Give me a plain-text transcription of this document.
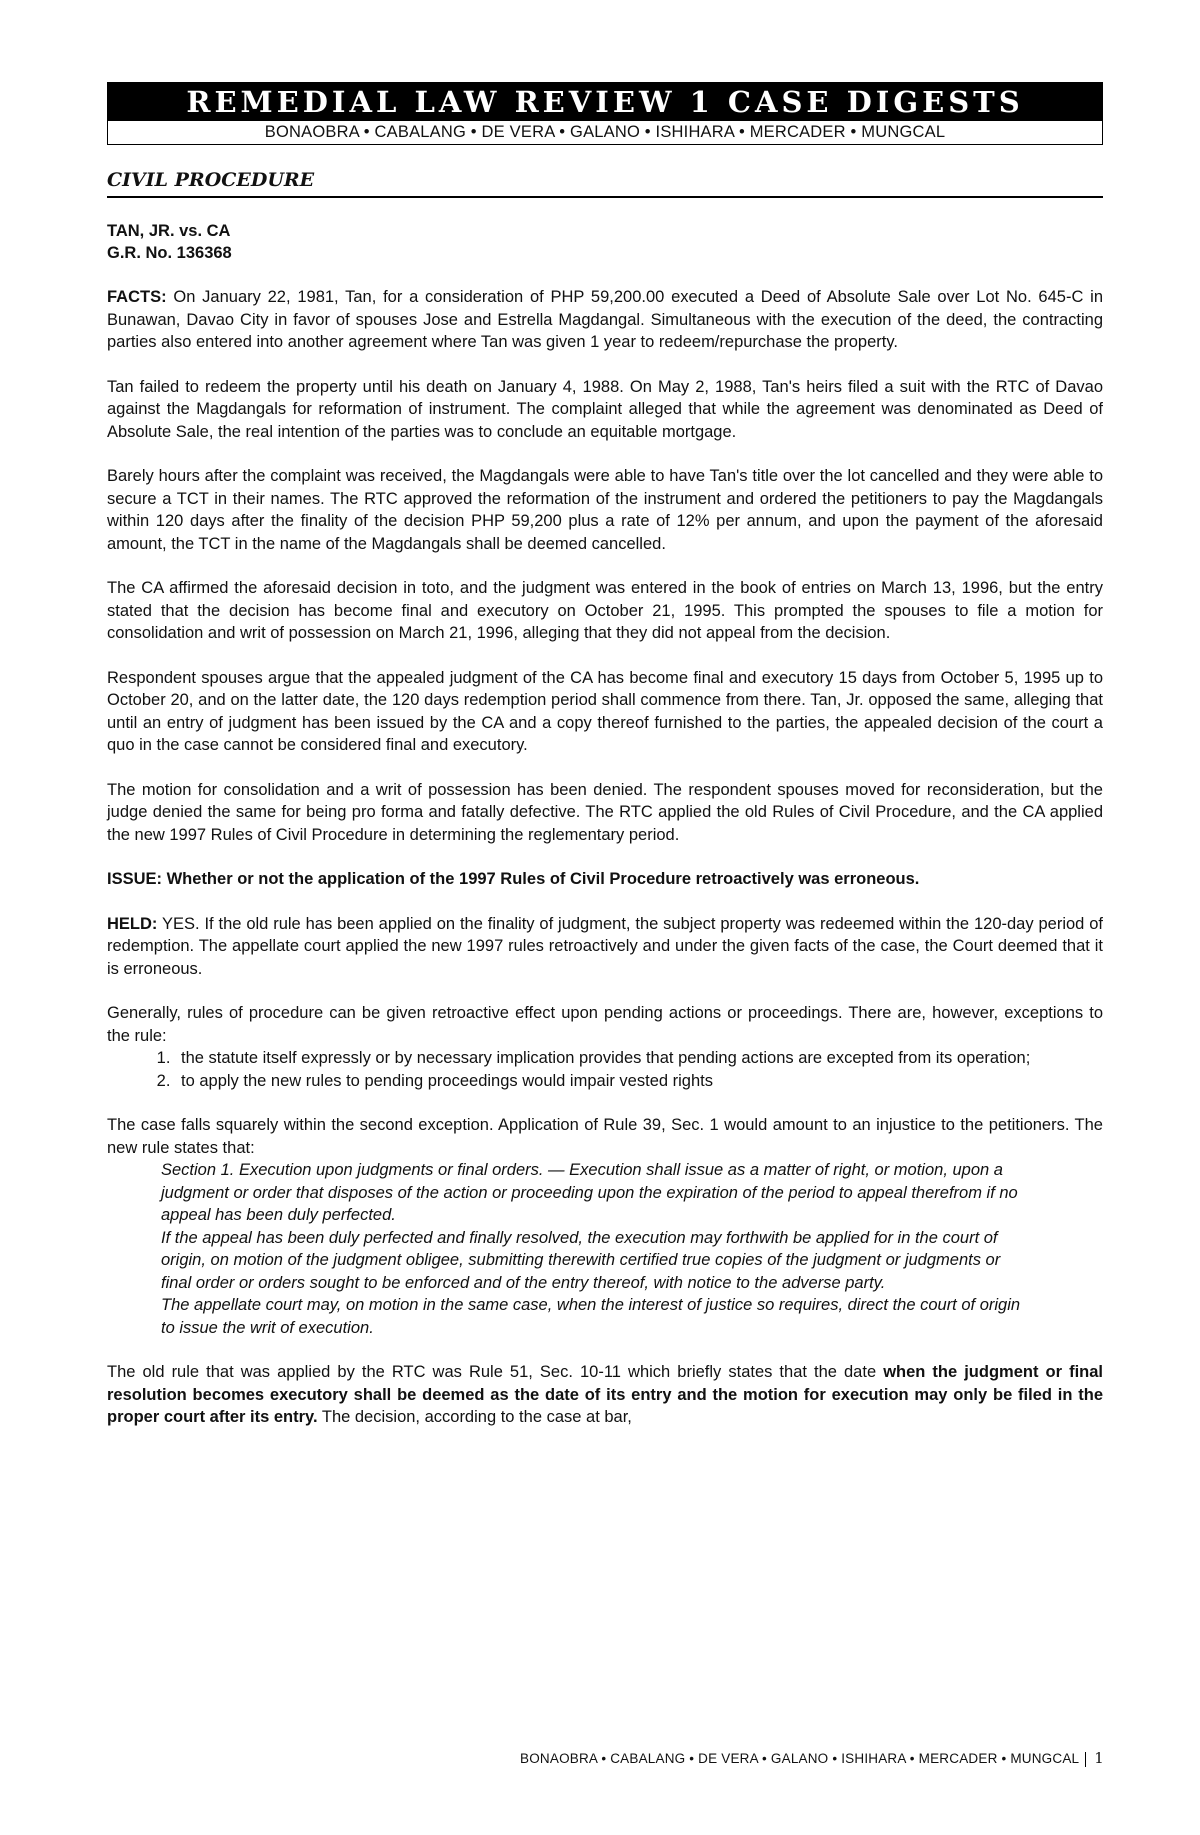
REMEDIAL LAW REVIEW 1 CASE DIGESTS
BONAOBRA • CABALANG • DE VERA • GALANO • ISHIHARA • MERCADER • MUNGCAL
CIVIL PROCEDURE
TAN, JR. vs. CA
G.R. No. 136368

FACTS: On January 22, 1981, Tan, for a consideration of PHP 59,200.00 executed a Deed of Absolute Sale over Lot No. 645-C in Bunawan, Davao City in favor of spouses Jose and Estrella Magdangal. Simultaneous with the execution of the deed, the contracting parties also entered into another agreement where Tan was given 1 year to redeem/repurchase the property.

Tan failed to redeem the property until his death on January 4, 1988. On May 2, 1988, Tan's heirs filed a suit with the RTC of Davao against the Magdangals for reformation of instrument. The complaint alleged that while the agreement was denominated as Deed of Absolute Sale, the real intention of the parties was to conclude an equitable mortgage.

Barely hours after the complaint was received, the Magdangals were able to have Tan's title over the lot cancelled and they were able to secure a TCT in their names. The RTC approved the reformation of the instrument and ordered the petitioners to pay the Magdangals within 120 days after the finality of the decision PHP 59,200 plus a rate of 12% per annum, and upon the payment of the aforesaid amount, the TCT in the name of the Magdangals shall be deemed cancelled.

The CA affirmed the aforesaid decision in toto, and the judgment was entered in the book of entries on March 13, 1996, but the entry stated that the decision has become final and executory on October 21, 1995. This prompted the spouses to file a motion for consolidation and writ of possession on March 21, 1996, alleging that they did not appeal from the decision.

Respondent spouses argue that the appealed judgment of the CA has become final and executory 15 days from October 5, 1995 up to October 20, and on the latter date, the 120 days redemption period shall commence from there. Tan, Jr. opposed the same, alleging that until an entry of judgment has been issued by the CA and a copy thereof furnished to the parties, the appealed decision of the court a quo in the case cannot be considered final and executory.

The motion for consolidation and a writ of possession has been denied. The respondent spouses moved for reconsideration, but the judge denied the same for being pro forma and fatally defective. The RTC applied the old Rules of Civil Procedure, and the CA applied the new 1997 Rules of Civil Procedure in determining the reglementary period.

ISSUE: Whether or not the application of the 1997 Rules of Civil Procedure retroactively was erroneous.

HELD: YES. If the old rule has been applied on the finality of judgment, the subject property was redeemed within the 120-day period of redemption. The appellate court applied the new 1997 rules retroactively and under the given facts of the case, the Court deemed that it is erroneous.

Generally, rules of procedure can be given retroactive effect upon pending actions or proceedings. There are, however, exceptions to the rule:

1. the statute itself expressly or by necessary implication provides that pending actions are excepted from its operation;
2. to apply the new rules to pending proceedings would impair vested rights

The case falls squarely within the second exception. Application of Rule 39, Sec. 1 would amount to an injustice to the petitioners. The new rule states that:

Section 1. Execution upon judgments or final orders. — Execution shall issue as a matter of right, or motion, upon a judgment or order that disposes of the action or proceeding upon the expiration of the period to appeal therefrom if no appeal has been duly perfected.

If the appeal has been duly perfected and finally resolved, the execution may forthwith be applied for in the court of origin, on motion of the judgment obligee, submitting therewith certified true copies of the judgment or judgments or final order or orders sought to be enforced and of the entry thereof, with notice to the adverse party.

The appellate court may, on motion in the same case, when the interest of justice so requires, direct the court of origin to issue the writ of execution.

The old rule that was applied by the RTC was Rule 51, Sec. 10-11 which briefly states that the date when the judgment or final resolution becomes executory shall be deemed as the date of its entry and the motion for execution may only be filed in the proper court after its entry. The decision, according to the case at bar,

BONAOBRA • CABALANG • DE VERA • GALANO • ISHIHARA • MERCADER • MUNGCAL 1
